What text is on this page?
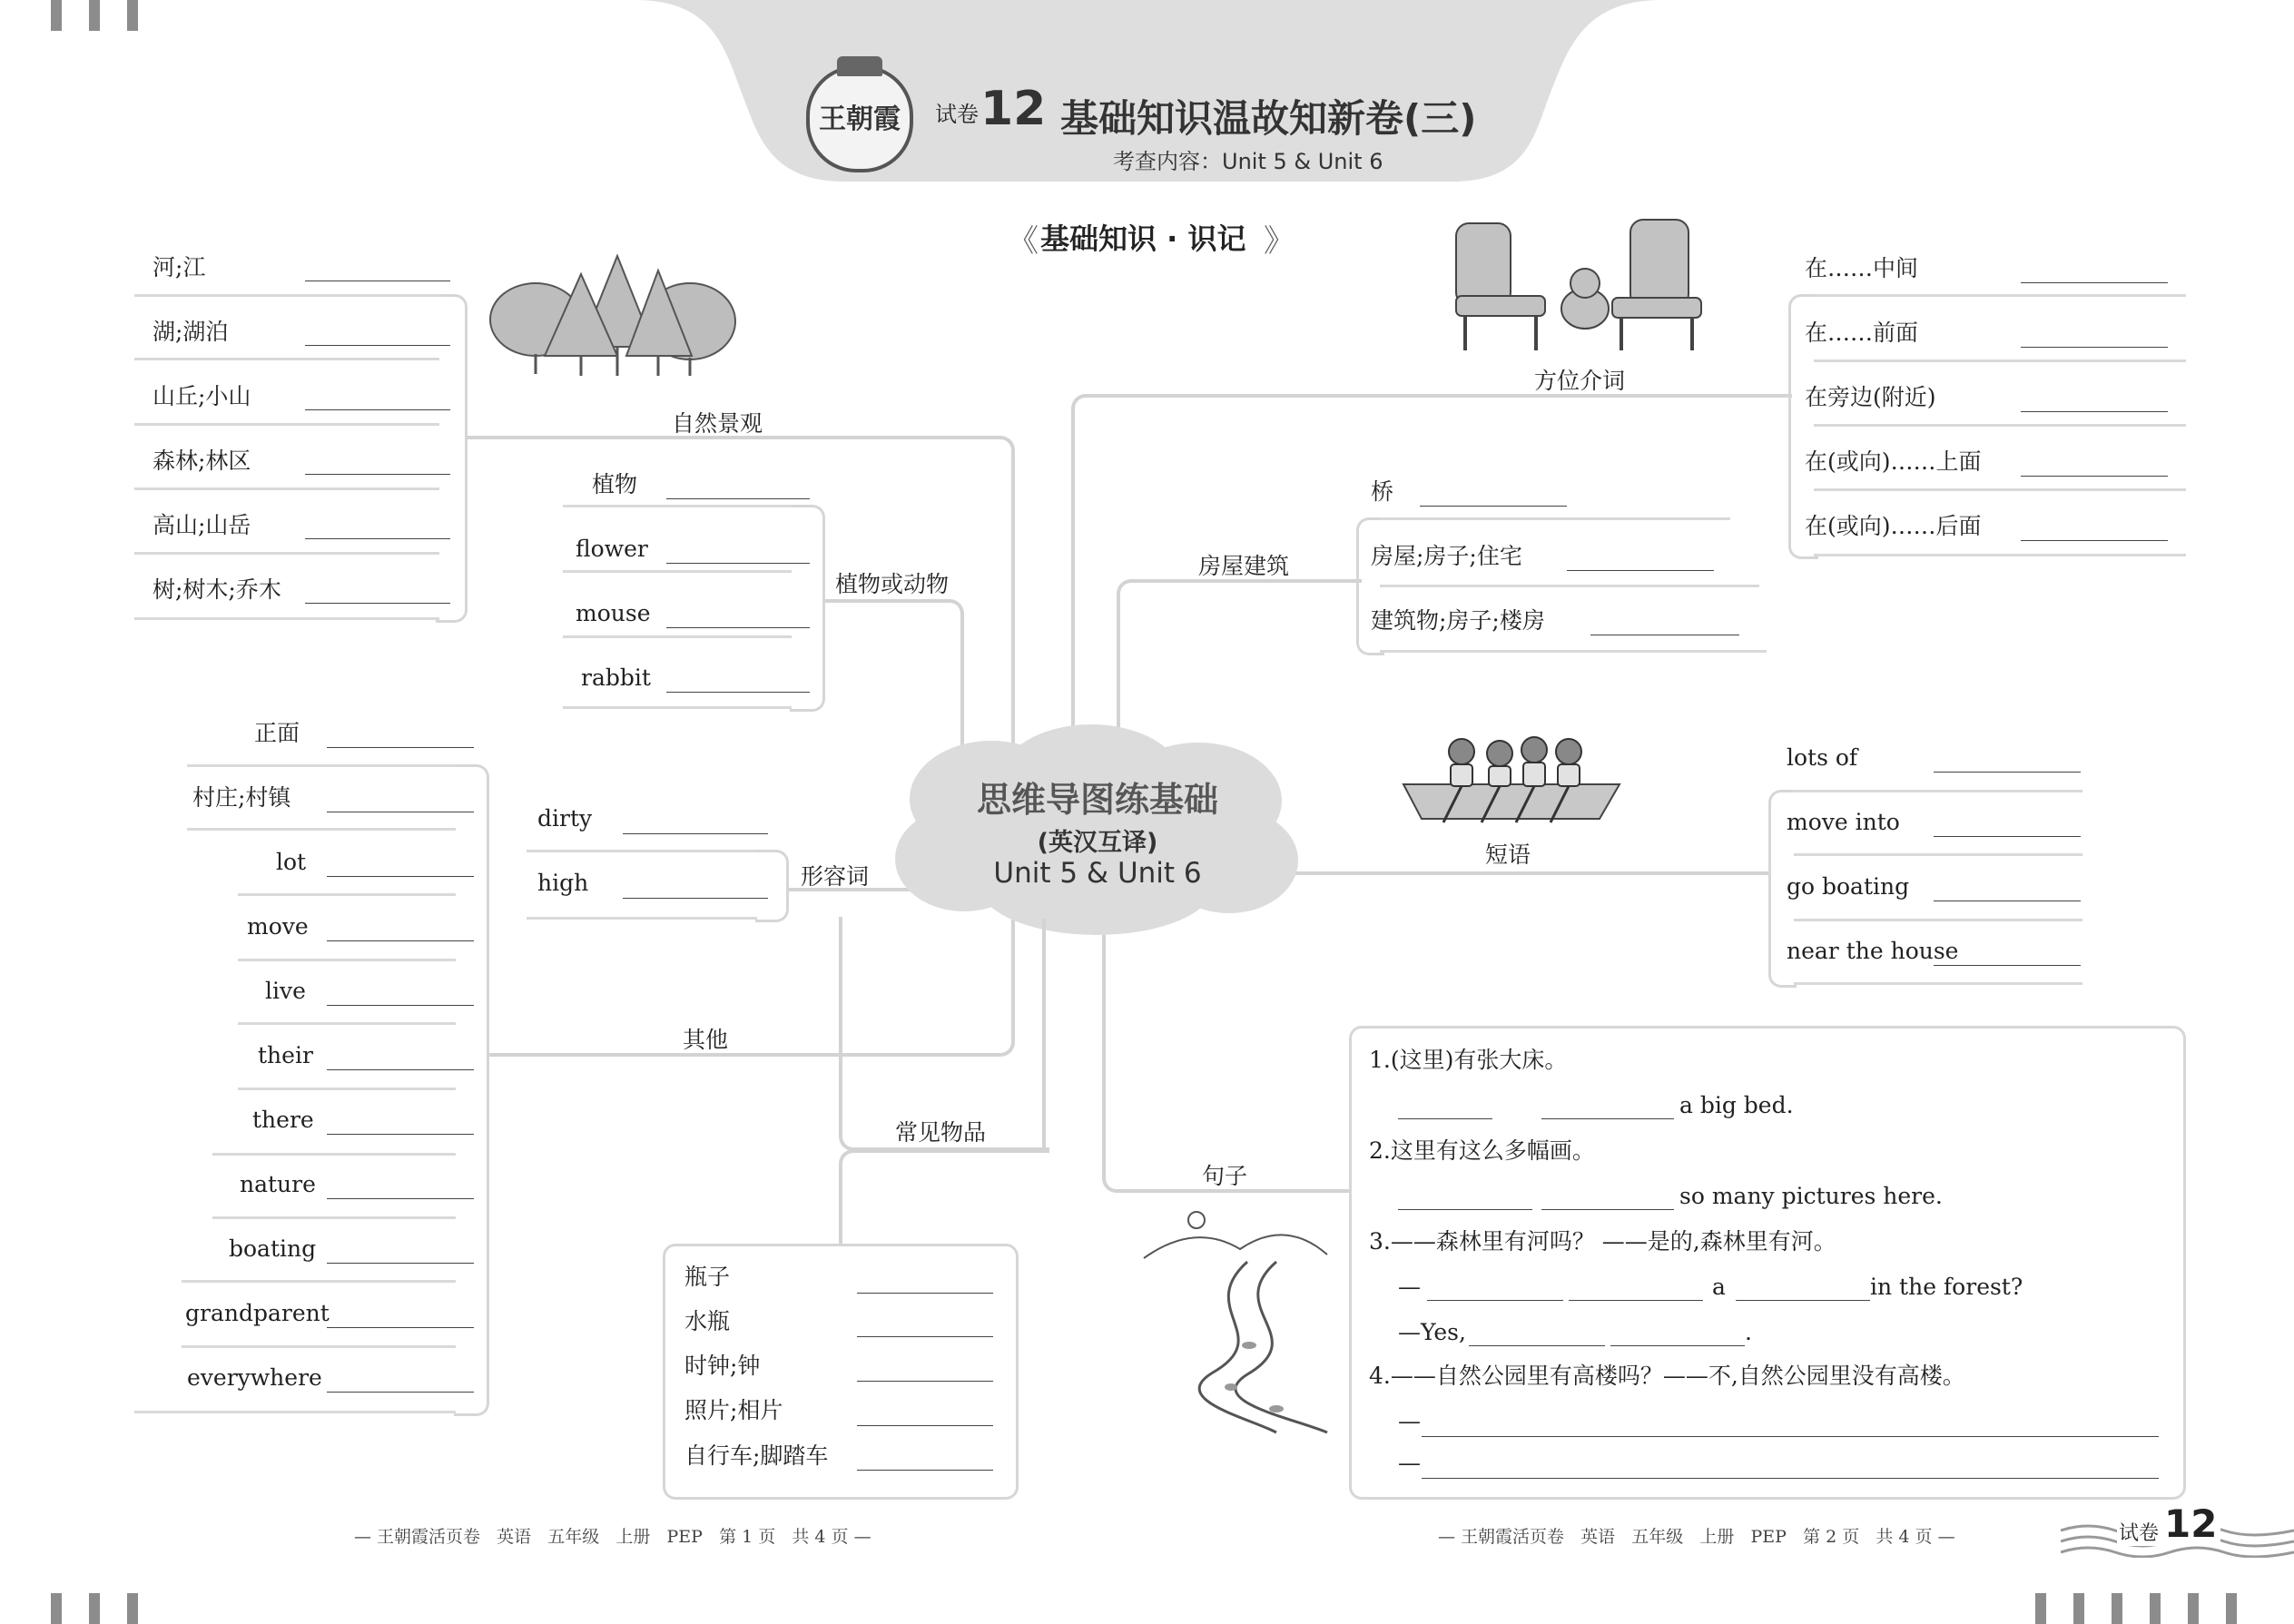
王朝霞	试卷 12 基础知识温故知新卷(三)
考查内容：Unit 5 & Unit 6
《 基础知识 · 识记 》
思维导图练基础
(英汉互译)
Unit 5 & Unit 6
自然景观
河;江
湖;湖泊
山丘;小山
森林;林区
高山;山岳
树;树木;乔木	植物或动物
植物
flower
mouse
rabbit
形容词
dirty
high
其他
正面
村庄;村镇
lot
move
live
their
there
nature
boating
grandparent
everywhere
常见物品
瓶子
水瓶
时钟;钟
照片;相片
自行车;脚踏车
方位介词
在……中间
在……前面
在旁边(附近)
在(或向)……上面
在(或向)……后面
房屋建筑
桥
房屋;房子;住宅
建筑物;房子;楼房
短语
lots of
move into
go boating
near the house
句子
1.(这里)有张大床。
a big bed.
2.这里有这么多幅画。
so many pictures here.
3.——森林里有河吗？ ——是的,森林里有河。
—	a	in the forest?
—Yes,	.
4.——自然公园里有高楼吗？——不,自然公园里没有高楼。
—
—
— 王朝霞活页卷   英语   五年级   上册   PEP   第 1 页   共 4 页 —	— 王朝霞活页卷   英语   五年级   上册   PEP   第 2 页   共 4 页 —	试卷 12
